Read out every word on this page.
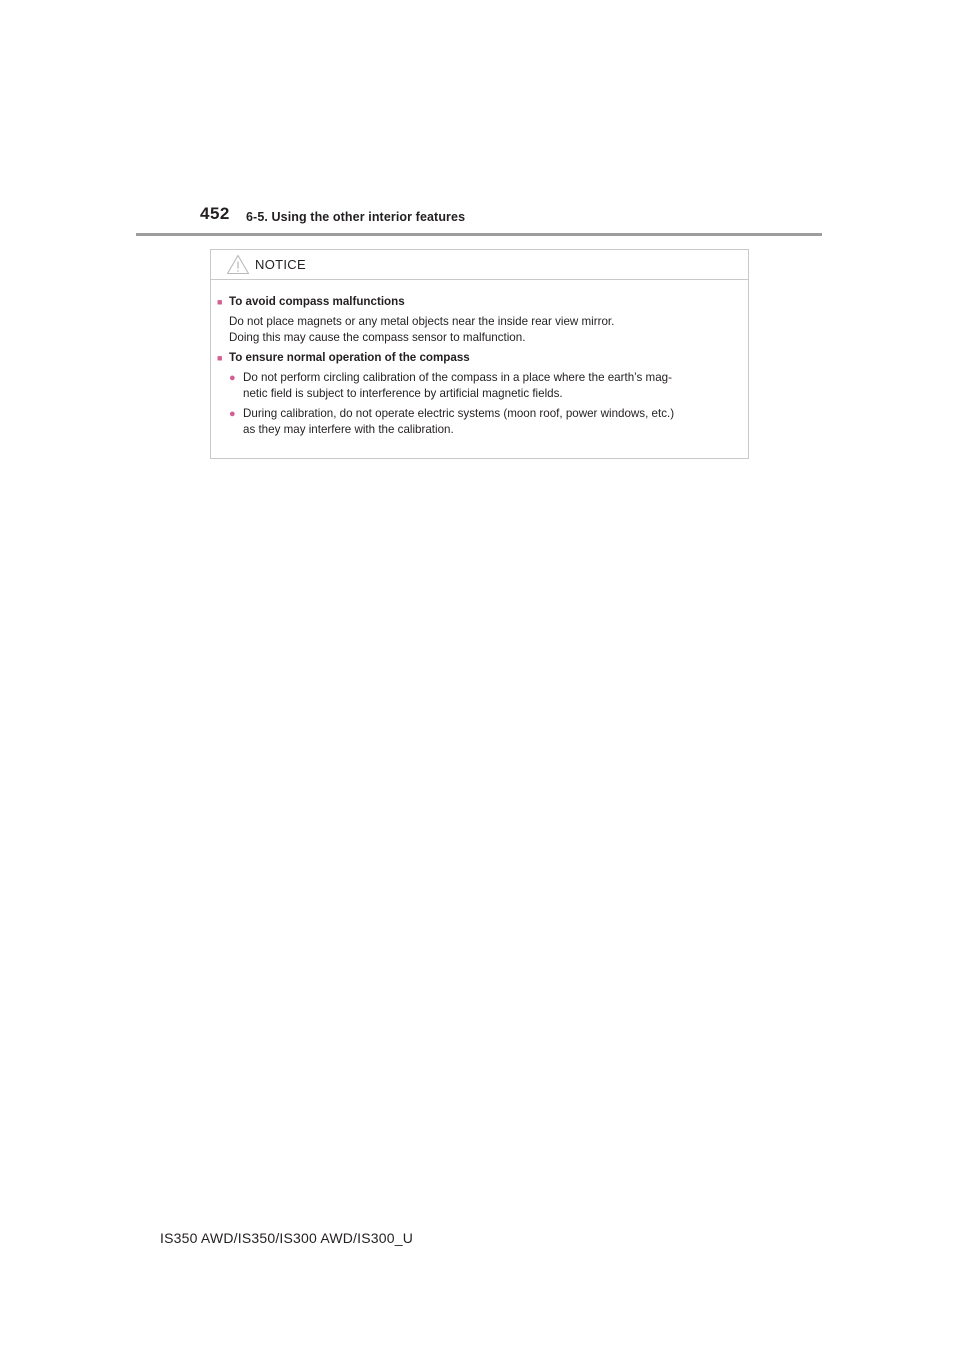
452 6-5. Using the other interior features
NOTICE
■ To avoid compass malfunctions
Do not place magnets or any metal objects near the inside rear view mirror.
Doing this may cause the compass sensor to malfunction.
■ To ensure normal operation of the compass
● Do not perform circling calibration of the compass in a place where the earth’s mag-
netic field is subject to interference by artificial magnetic fields.
● During calibration, do not operate electric systems (moon roof, power windows, etc.)
as they may interfere with the calibration.
IS350 AWD/IS350/IS300 AWD/IS300_U
